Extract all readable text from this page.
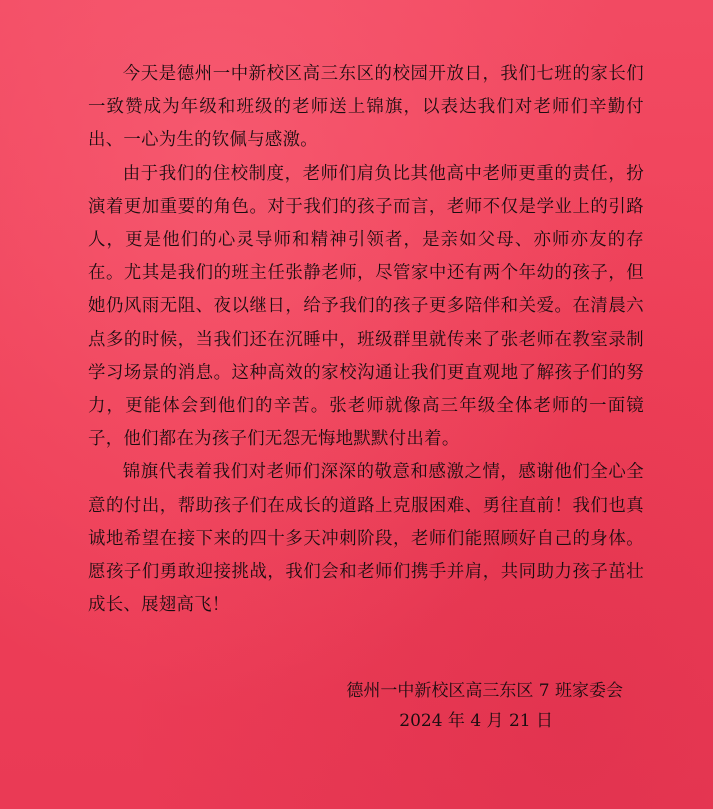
今天是德州一中新校区高三东区的校园开放日，我们七班的家长们一致赞成为年级和班级的老师送上锦旗，以表达我们对老师们辛勤付出、一心为生的钦佩与感激。

由于我们的住校制度，老师们肩负比其他高中老师更重的责任，扮演着更加重要的角色。对于我们的孩子而言，老师不仅是学业上的引路人，更是他们的心灵导师和精神引领者，是亲如父母、亦师亦友的存在。尤其是我们的班主任张静老师，尽管家中还有两个年幼的孩子，但她仍风雨无阻、夜以继日，给予我们的孩子更多陪伴和关爱。在清晨六点多的时候，当我们还在沉睡中，班级群里就传来了张老师在教室录制学习场景的消息。这种高效的家校沟通让我们更直观地了解孩子们的努力，更能体会到他们的辛苦。张老师就像高三年级全体老师的一面镜子，他们都在为孩子们无怨无悔地默默付出着。

锦旗代表着我们对老师们深深的敬意和感激之情，感谢他们全心全意的付出，帮助孩子们在成长的道路上克服困难、勇往直前！我们也真诚地希望在接下来的四十多天冲刺阶段，老师们能照顾好自己的身体。愿孩子们勇敢迎接挑战，我们会和老师们携手并肩，共同助力孩子茁壮成长、展翅高飞！

德州一中新校区高三东区 7 班家委会
2024 年 4 月 21 日
